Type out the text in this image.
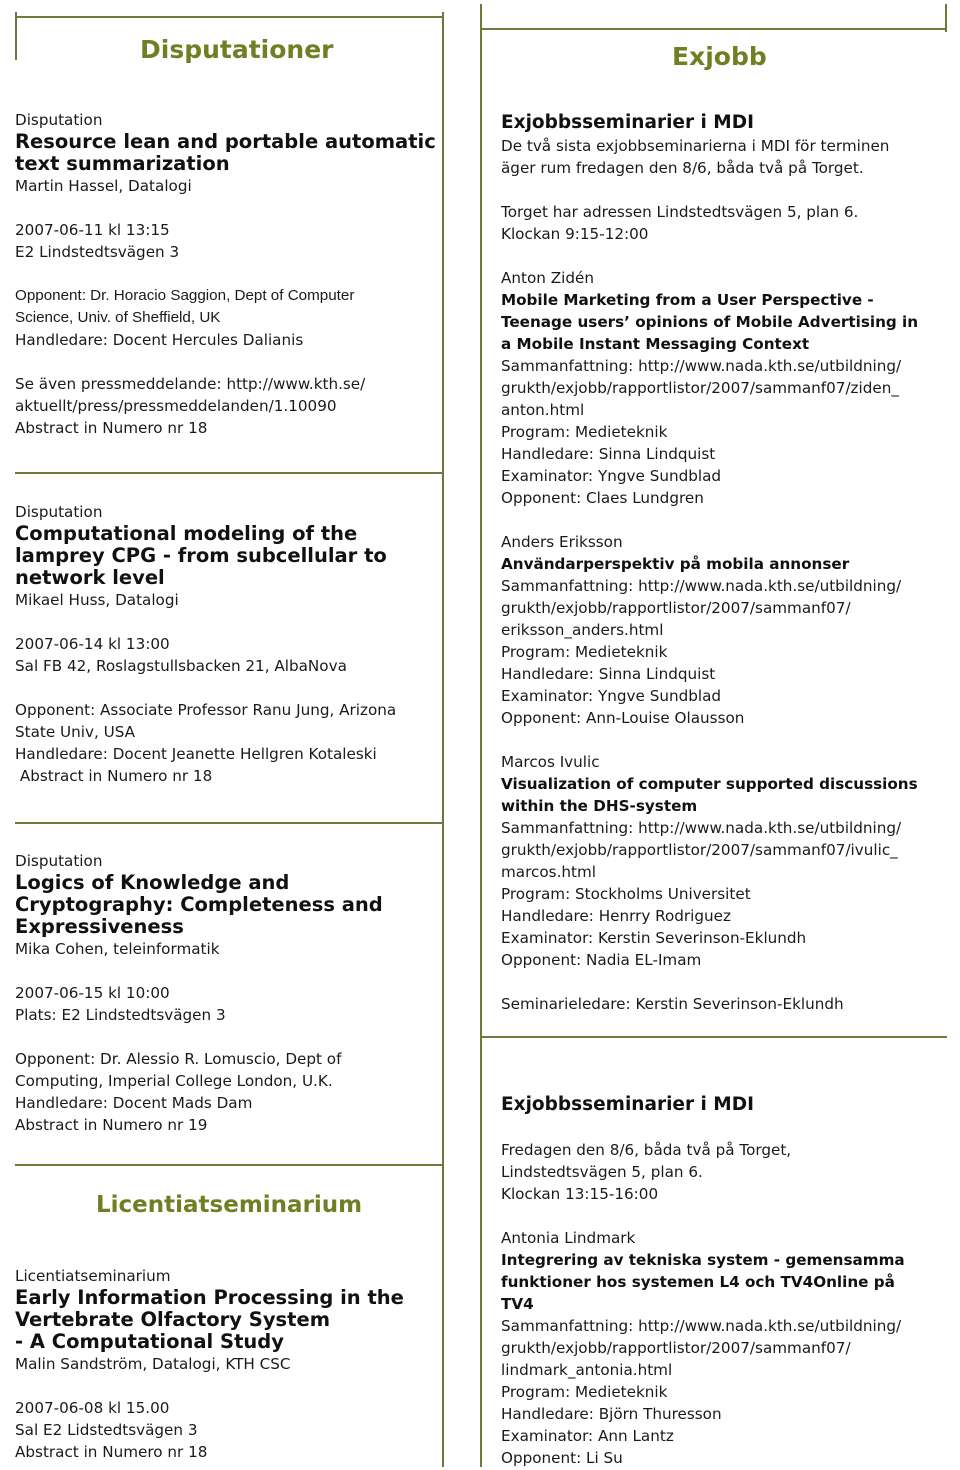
Disputationer	Exjobb
Licentiatseminarium
Disputation
Resource lean and portable automatic
text summarization
Martin Hassel, Datalogi
2007-06-11 kl 13:15
E2 Lindstedtsvägen 3
Opponent: Dr. Horacio Saggion, Dept of Computer
Science, Univ. of Sheffield, UK
Handledare: Docent Hercules Dalianis
Se även pressmeddelande: http://www.kth.se/
aktuellt/press/pressmeddelanden/1.10090
Abstract in Numero nr 18
Disputation
Computational modeling of the
lamprey CPG - from subcellular to
network level
Mikael Huss, Datalogi
2007-06-14 kl 13:00
Sal FB 42, Roslagstullsbacken 21, AlbaNova
Opponent: Associate Professor Ranu Jung, Arizona
State Univ, USA
Handledare: Docent Jeanette Hellgren Kotaleski
Abstract in Numero nr 18
Disputation
Logics of Knowledge and
Cryptography: Completeness and
Expressiveness
Mika Cohen, teleinformatik
2007-06-15 kl 10:00
Plats: E2 Lindstedtsvägen 3
Opponent: Dr. Alessio R. Lomuscio, Dept of
Computing, Imperial College London, U.K.
Handledare: Docent Mads Dam
Abstract in Numero nr 19
Licentiatseminarium
Early Information Processing in the
Vertebrate Olfactory System
- A Computational Study
Malin Sandström, Datalogi, KTH CSC
2007-06-08 kl 15.00
Sal E2 Lidstedtsvägen 3
Abstract in Numero nr 18
Exjobbsseminarier i MDI
De två sista exjobbseminarierna i MDI för terminen
äger rum fredagen den 8/6, båda två på Torget.
Torget har adressen Lindstedtsvägen 5, plan 6.
Klockan 9:15-12:00
Anton Zidén
Mobile Marketing from a User Perspective -
Teenage users’ opinions of Mobile Advertising in
a Mobile Instant Messaging Context
Sammanfattning: http://www.nada.kth.se/utbildning/
grukth/exjobb/rapportlistor/2007/sammanf07/ziden_
anton.html
Program: Medieteknik
Handledare: Sinna Lindquist
Examinator: Yngve Sundblad
Opponent: Claes Lundgren
Anders Eriksson
Användarperspektiv på mobila annonser
Sammanfattning: http://www.nada.kth.se/utbildning/
grukth/exjobb/rapportlistor/2007/sammanf07/
eriksson_anders.html
Program: Medieteknik
Handledare: Sinna Lindquist
Examinator: Yngve Sundblad
Opponent: Ann-Louise Olausson
Marcos Ivulic
Visualization of computer supported discussions
within the DHS-system
Sammanfattning: http://www.nada.kth.se/utbildning/
grukth/exjobb/rapportlistor/2007/sammanf07/ivulic_
marcos.html
Program: Stockholms Universitet
Handledare: Henrry Rodriguez
Examinator: Kerstin Severinson-Eklundh
Opponent: Nadia EL-Imam
Seminarieledare: Kerstin Severinson-Eklundh
Exjobbsseminarier i MDI
Fredagen den 8/6, båda två på Torget,
Lindstedtsvägen 5, plan 6.
Klockan 13:15-16:00
Antonia Lindmark
Integrering av tekniska system - gemensamma
funktioner hos systemen L4 och TV4Online på
TV4
Sammanfattning: http://www.nada.kth.se/utbildning/
grukth/exjobb/rapportlistor/2007/sammanf07/
lindmark_antonia.html
Program: Medieteknik
Handledare: Björn Thuresson
Examinator: Ann Lantz
Opponent: Li Su
